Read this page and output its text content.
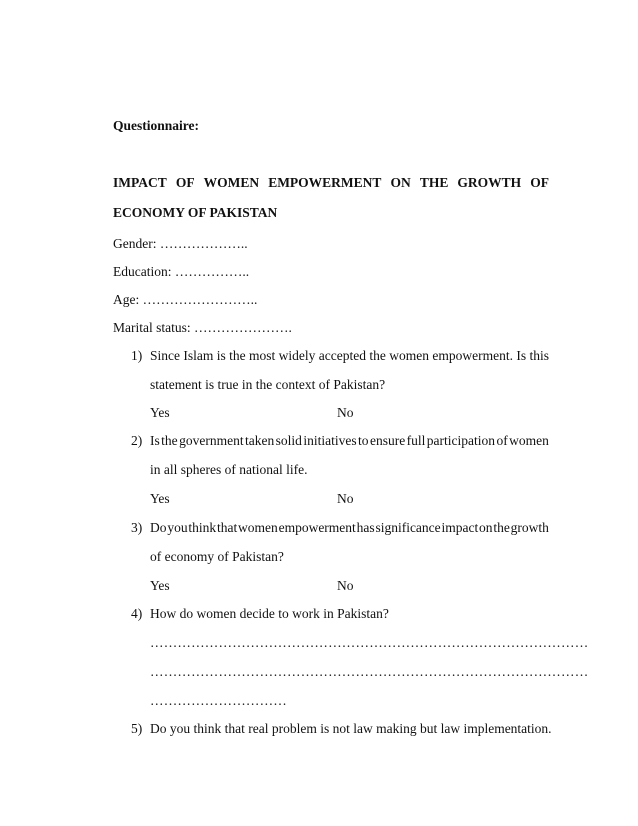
Questionnaire:
IMPACT OF WOMEN EMPOWERMENT ON THE GROWTH OF
ECONOMY OF PAKISTAN
Gender: ………………..
Education: ……………..
Age: ……………………..
Marital status: ………………….
1) Since Islam is the most widely accepted the women empowerment. Is this
statement is true in the context of Pakistan?
Yes	No
2) Is the government taken solid initiatives to ensure full participation of women
in all spheres of national life.
Yes	No
3) Do you think that women empowerment has significance impact on the growth
of economy of Pakistan?
Yes	No
4) How do women decide to work in Pakistan?
……………………………………………………………………………………
……………………………………………………………………………………
…………………………
5) Do you think that real problem is not law making but law implementation.
